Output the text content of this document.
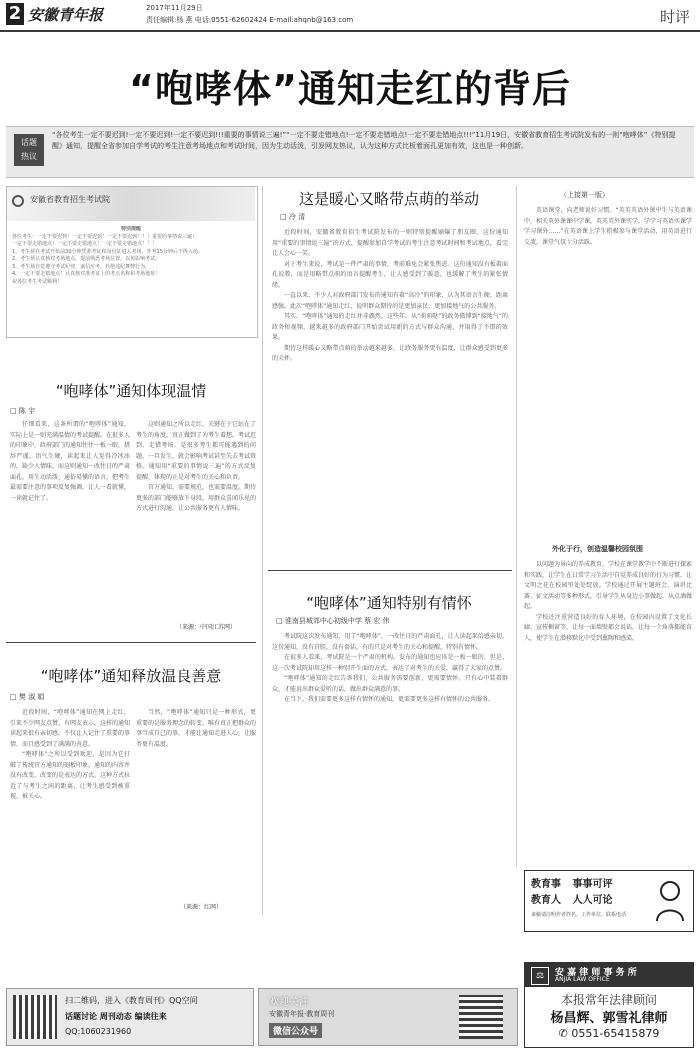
2 安徽青年报	2017年11月29日
责任编辑:杨 燕 电话:0551-62602424 E-mail:ahqnb@163.com	时评
“咆哮体”通知走红的背后
话题
热议
“各位考生一定不要迟到!一定不要迟到!一定不要迟到!!!重要的事情说三遍!”“一定不要走错地点!一定不要走错地点!一定不要走错地点!!!”11月19日，安徽省教育招生考试院发布的一则“咆哮体”《特别提醒》通知，提醒全省参加自学考试的考生注意考场地点和考试时间，因为生动活泼，引发网友热议，认为这种方式比板着面孔更加有效，这也是一种创新。
安徽省教育招生考试院
特别提醒
各位考生：一定不要迟到！一定不要迟到！一定不要迟到！！！重要的事情说三遍！
一定不要走错地点！一定不要走错地点！一定不要走错地点！！！
1、考生须在考试开始前30分钟凭准考证和身份证进入考场，开考15分钟后不得入场。
2、考生须认真核对考场地点，提前熟悉考场位置，以免影响考试。
3、考生须自觉遵守考试纪律，诚信应考，杜绝违纪舞弊行为。
4、一定不要走错地点！认真核对准考证上的考点名称和考场地址！
祝各位考生考试顺利！
“咆哮体”通知体现温情
□ 陈 宇

仔细看来，这条所谓的“咆哮体”通知，实际上是一则充满温情的考试提醒。在很多人的印象中，政府部门的通知往往一板一眼，措辞严谨，语气生硬，读起来让人觉得冷冰冰的，缺少人情味。而这则通知一改往日的严肃面孔，用生动活泼、通俗易懂的语言，把考生最需要注意的事项反复强调，让人一看就懂，一读就记住了。

这则通知之所以走红，关键在于它站在了考生的角度，真正做到了为考生着想。考试迟到、走错考场，是很多考生都可能遇到的问题，一旦发生，就会影响考试甚至失去考试资格。通知用“重要的事情说三遍”的方式反复提醒，体现的正是对考生的关心和负责。

官方通知，需要规范，也需要温度。期待更多的部门能够放下身段，用群众喜闻乐见的方式进行沟通，让公共服务更有人情味。

（来源：中国江苏网）
“咆哮体”通知释放温良善意
□ 樊 淑 娟

近段时间，“咆哮体”通知在网上走红，引来不少网友点赞。有网友表示，这样的通知读起来很有亲切感，不仅让人记住了重要的事情，而且感受到了满满的善意。

“咆哮体”之所以受到欢迎，是因为它打破了传统官方通知的刻板印象。通知的内容并没有改变，改变的是表达的方式。这种方式拉近了与考生之间的距离，让考生感受到被重视、被关心。

当然，“咆哮体”通知只是一种形式，更重要的是服务理念的转变。唯有真正把群众的事当成自己的事，才能让通知走进人心，让服务更有温度。

（来源：红网）
这是暖心又略带点萌的举动
□ 冷 清

近段时间，安徽省教育招生考试院发布的一则特别提醒刷爆了朋友圈。这份通知用“重要的事情说三遍”的方式，提醒参加自学考试的考生注意考试时间和考试地点，看完让人会心一笑。

对于考生来说，考试是一件严肃的事情，考前难免会紧张焦虑。这份通知没有板着面孔说教，而是用略带点萌的语言提醒考生，让人感受到了暖意，也缓解了考生的紧张情绪。

一直以来，不少人对政府部门发布的通知有着“高冷”的印象，认为其语言生硬、距离感强。此次“咆哮体”通知走红，说明群众期待的是更加亲民、更加接地气的公共服务。

其实，“咆哮体”通知的走红并非偶然。这些年，从“萌萌哒”的政务微博到“接地气”的政务短视频，越来越多的政府部门开始尝试用新的方式与群众沟通，并取得了不错的效果。

期待这样暖心又略带点萌的举动越来越多，让政务服务更有温度，让群众感受到更多的关怀。

“咆哮体”通知特别有情怀
□ 淮南县城郊中心初级中学 蔡 宏 伟

考试院这次发布通知，用了“咆哮体”，一改往日的严肃面孔，让人读起来倍感亲切。这份通知，没有官腔，没有套话，有的只是对考生的关心和提醒，特别有情怀。

在很多人看来，考试院是一个严肃的机构，发布的通知也应该是一板一眼的。但是，这一次考试院却用这样一种别开生面的方式，表达了对考生的关爱，赢得了大家的点赞。

“咆哮体”通知的走红告诉我们，公共服务需要创新，更需要情怀。只有心中装着群众，才能说出群众爱听的话，做出群众满意的事。

在当下，我们需要更多这样有情怀的通知，更需要更多这样有情怀的公共服务。

（上接第一版）

英语课堂，向老师说好习惯。“英英英语外课中生与英语课中，相关英外课课中学课，英英英外课实学，学学习英语实课学学习课外……”在英语课上学生积极参与课堂活动，用英语进行交流，课堂气氛十分活跃。

外化于行，创造温馨校园氛围

以问题为导向的养成教育，学校在课堂教学中不断进行探索和实践，让学生在日常学习生活中自觉养成良好的行为习惯，让文明之花在校园里处处绽放。学校通过开展主题班会、演讲比赛、征文活动等多种形式，引导学生从身边小事做起，从点滴做起。

学校还注重营造良好的育人环境，在校园内设置了文化长廊、宣传橱窗等，让每一面墙壁都会说话，让每一个角落都能育人，使学生在潜移默化中受到熏陶和感染。

教育事 事事可评
教育人 人人可论
来稿请注明作者姓名、工作单位、联系电话
⚖	安 嘉 律 师 事 务 所
ANJIA LAW OFFICE
本报常年法律顾问
杨昌辉、郭雪礼律师
✆ 0551-65415879
扫二维码，进入《教育周刊》QQ空间
话题讨论 周刊动态 编读往来
QQ:1060231960
欢迎关注
安徽青年报·教育周刊
微信公众号
